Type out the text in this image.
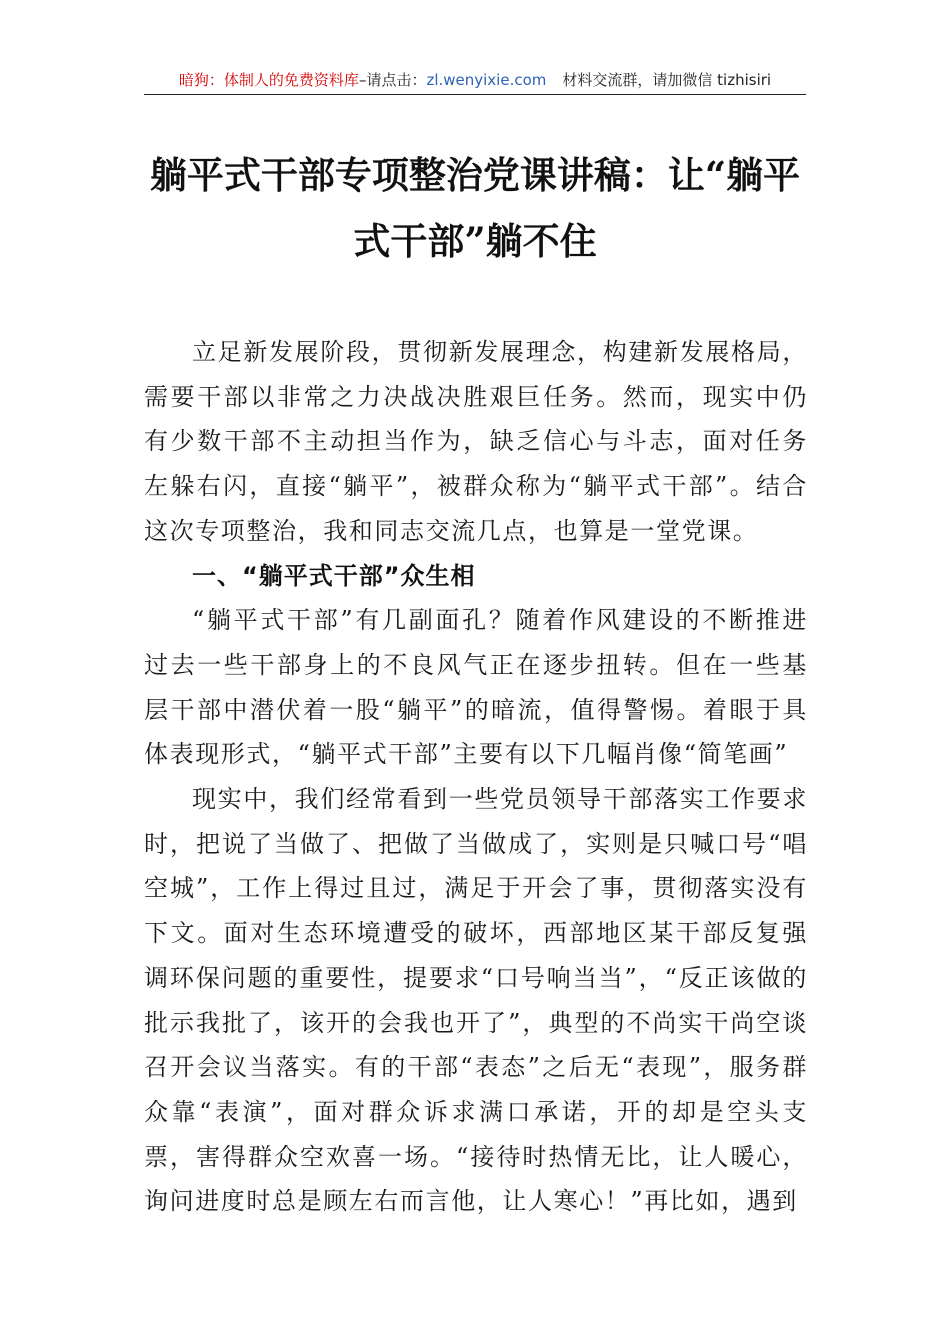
暗狗：体制人的免费资料库–请点击：zl.wenyixie.com 材料交流群，请加微信 tizhisiri
躺平式干部专项整治党课讲稿：让“躺平
式干部”躺不住

立足新发展阶段，贯彻新发展理念，构建新发展格局，需要干部以非常之力决战决胜艰巨任务。然而，现实中仍有少数干部不主动担当作为，缺乏信心与斗志，面对任务左躲右闪，直接“躺平”，被群众称为“躺平式干部”。结合这次专项整治，我和同志交流几点，也算是一堂党课。

一、“躺平式干部”众生相

“躺平式干部”有几副面孔？随着作风建设的不断推进过去一些干部身上的不良风气正在逐步扭转。但在一些基层干部中潜伏着一股“躺平”的暗流，值得警惕。着眼于具体表现形式，“躺平式干部”主要有以下几幅肖像“简笔画”

现实中，我们经常看到一些党员领导干部落实工作要求时，把说了当做了、把做了当做成了，实则是只喊口号“唱空城”，工作上得过且过，满足于开会了事，贯彻落实没有下文。面对生态环境遭受的破坏，西部地区某干部反复强调环保问题的重要性，提要求“口号响当当”，“反正该做的批示我批了，该开的会我也开了”，典型的不尚实干尚空谈召开会议当落实。有的干部“表态”之后无“表现”，服务群众靠“表演”，面对群众诉求满口承诺，开的却是空头支票，害得群众空欢喜一场。“接待时热情无比，让人暖心，询问进度时总是顾左右而言他，让人寒心！”再比如，遇到
